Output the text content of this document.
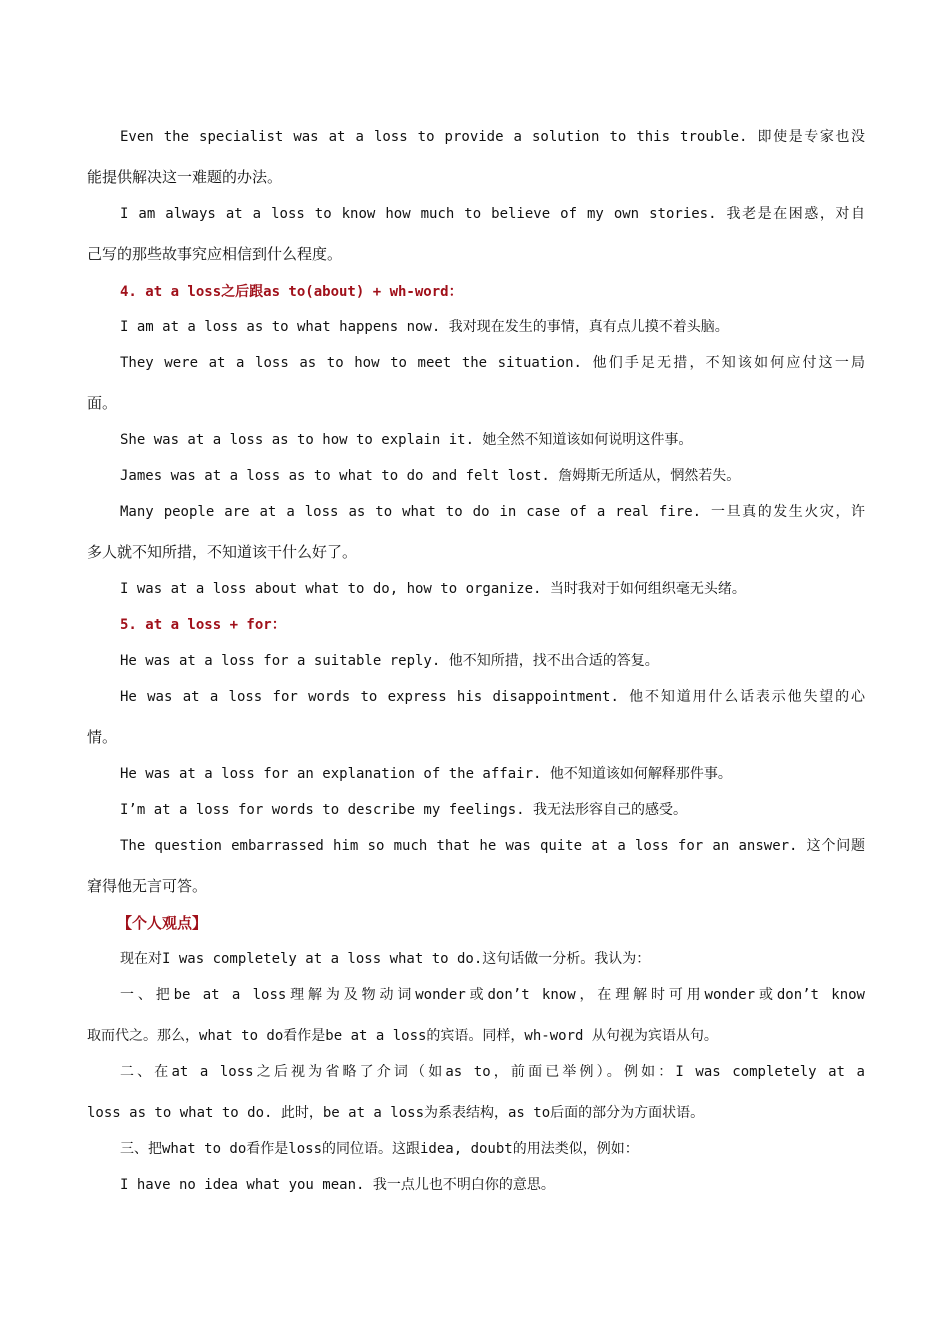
Even the specialist was at a loss to provide a solution to this trouble. 即使是专家也没
能提供解决这一难题的办法。
I am always at a loss to know how much to believe of my own stories. 我老是在困惑，对自
己写的那些故事究应相信到什么程度。
4. at a loss之后跟as to(about) + wh-word：
I am at a loss as to what happens now. 我对现在发生的事情，真有点儿摸不着头脑。
They were at a loss as to how to meet the situation. 他们手足无措，不知该如何应付这一局
面。
She was at a loss as to how to explain it. 她全然不知道该如何说明这件事。
James was at a loss as to what to do and felt lost. 詹姆斯无所适从，惘然若失。
Many people are at a loss as to what to do in case of a real fire. 一旦真的发生火灾，许
多人就不知所措，不知道该干什么好了。
I was at a loss about what to do, how to organize. 当时我对于如何组织毫无头绪。
5. at a loss + for：
He was at a loss for a suitable reply. 他不知所措，找不出合适的答复。
He was at a loss for words to express his disappointment. 他不知道用什么话表示他失望的心
情。
He was at a loss for an explanation of the affair. 他不知道该如何解释那件事。
I’m at a loss for words to describe my feelings. 我无法形容自己的感受。
The question embarrassed him so much that he was quite at a loss for an answer. 这个问题
窘得他无言可答。
【个人观点】
现在对I was completely at a loss what to do.这句话做一分析。我认为：
一、把be at a loss理解为及物动词wonder或don’t know，在理解时可用wonder或don’t know
取而代之。那么，what to do看作是be at a loss的宾语。同样，wh-word 从句视为宾语从句。
二、在at a loss之后视为省略了介词（如as to，前面已举例）。例如：I was completely at a
loss as to what to do. 此时，be at a loss为系表结构，as to后面的部分为方面状语。
三、把what to do看作是loss的同位语。这跟idea, doubt的用法类似，例如：
I have no idea what you mean. 我一点儿也不明白你的意思。
